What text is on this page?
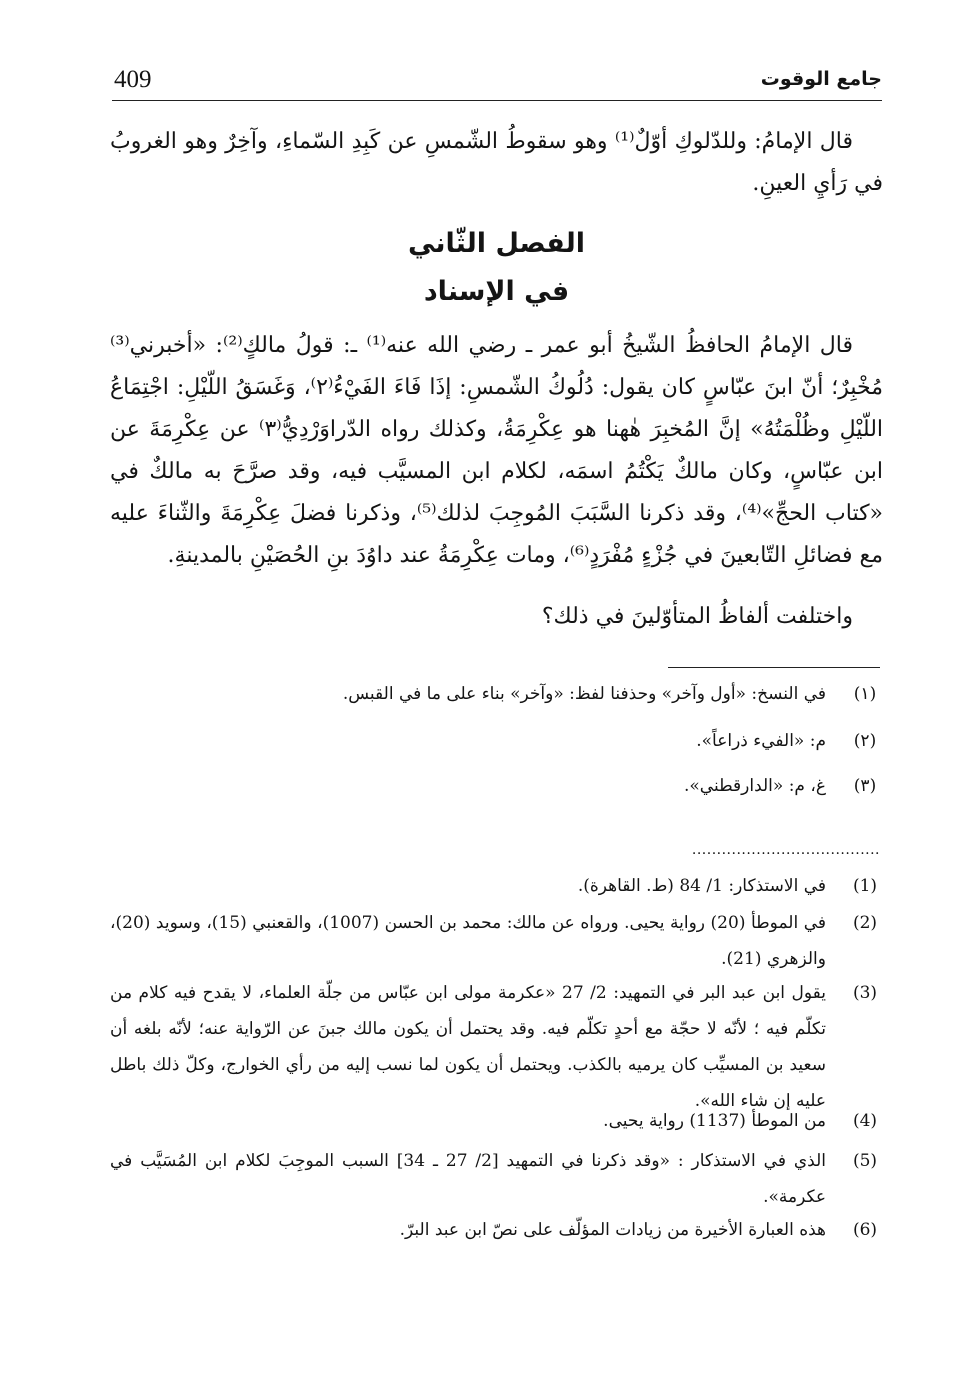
409	جامع الوقوت

قال الإمامُ: وللدّلوكِ أوّلٌ⁽¹⁾ وهو سقوطُ الشّمسِ عن كَبِدِ السّماءِ، وآخِرٌ وهو الغروبُ في رَأيِ العينِ.

الفصل الثّاني
في الإسناد

قال الإمامُ الحافظُ الشّيخُ أبو عمر ـ رضي الله عنه⁽¹⁾ ـ: قولُ مالكٍ⁽²⁾: «أخبرني⁽³⁾ مُخْبِرٌ؛ أنّ ابنَ عبّاسٍ كان يقول: دُلُوكُ الشّمسِ: إذَا فَاءَ الفَيْءُ⁽٢⁾، وَغَسَقُ اللّيْلِ: اجْتِمَاعُ اللّيْلِ وظُلْمَتُهُ» إنَّ المُخبِرَ هٰهنا هو عِكْرِمَةُ، وكذلك رواه الدّراوَرْدِيُّ⁽٣⁾ عن عِكْرِمَةَ عن ابن عبّاسٍ، وكان مالكٌ يَكْتُمُ اسمَه، لكلام ابن المسيَّب فيه، وقد صرَّحَ به مالكٌ في «كتاب الحجِّ»⁽⁴⁾، وقد ذكرنا السَّبَبَ المُوجِبَ لذلك⁽⁵⁾، وذكرنا فضلَ عِكْرِمَةَ والثّناءَ عليه مع فضائلِ التّابعينَ في جُزْءٍ مُفْرَدٍ⁽⁶⁾، ومات عِكْرِمَةُ عند داوُدَ بنِ الحُصَيْنِ بالمدينةِ.

واختلفت ألفاظُ المتأوّلينَ في ذلك؟

(١)
في النسخ: «أول وآخر» وحذفنا لفظ: «وآخر» بناء على ما في القبس.
(٢)
م: «الفيء ذراعاً».
(٣)
غ، م: «الدارقطني».
......................................
(1)
في الاستذكار: 1/ 84 (ط. القاهرة).
(2)
في الموطأ (20) رواية يحيى. ورواه عن مالك: محمد بن الحسن (1007)، والقعنبي (15)، وسويد (20)، والزهري (21).
(3)
يقول ابن عبد البر في التمهيد: 2/ 27 «عكرمة مولى ابن عبّاس من جلّة العلماء، لا يقدح فيه كلام من تكلّم فيه ؛ لأنّه لا حجّة مع أحدٍ تكلّم فيه. وقد يحتمل أن يكون مالك جبنَ عن الرّواية عنه؛ لأنّه بلغه أن سعيد بن المسيِّب كان يرميه بالكذب. ويحتمل أن يكون لما نسب إليه من رأي الخوارج، وكلّ ذلك باطل عليه إن شاء الله».
(4)
من الموطأ (1137) رواية يحيى.
(5)
الذي في الاستذكار : «وقد ذكرنا في التمهيد [2/ 27 ـ 34] السبب الموجِبَ لكلام ابن المُسَيَّب في عكرمة».
(6)
هذه العبارة الأخيرة من زيادات المؤلّف على نصّ ابن عبد البرّ.
